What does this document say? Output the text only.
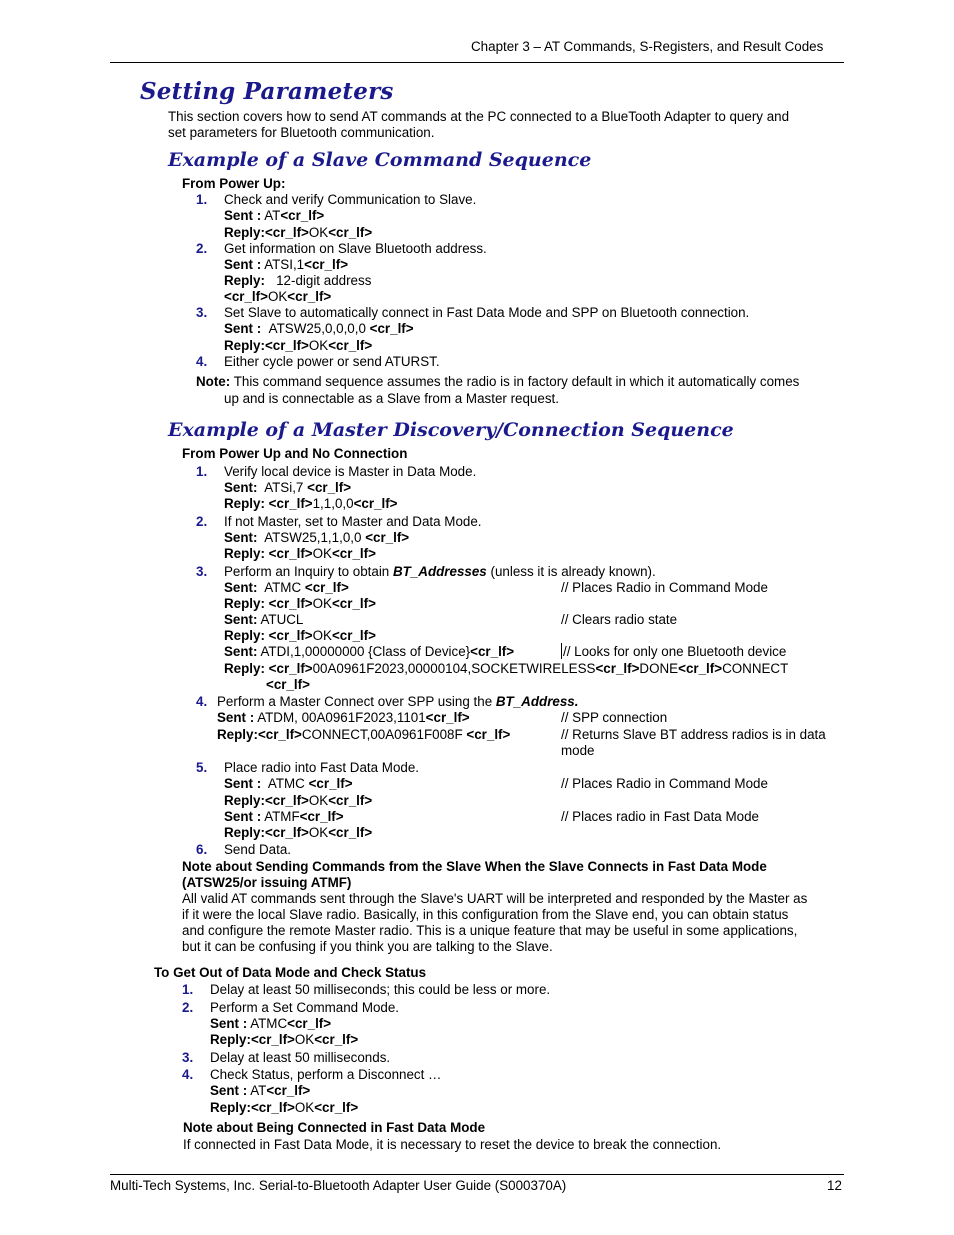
Chapter 3 – AT Commands, S-Registers, and Result Codes
Setting Parameters
This section covers how to send AT commands at the PC connected to a BlueTooth Adapter to query and
set parameters for Bluetooth communication.
Example of a Slave Command Sequence
From Power Up:
1. Check and verify Communication to Slave.
Sent : AT<cr_lf>
Reply:<cr_lf>OK<cr_lf>
2. Get information on Slave Bluetooth address.
Sent : ATSI,1<cr_lf>
Reply: 12-digit address
<cr_lf>OK<cr_lf>
3. Set Slave to automatically connect in Fast Data Mode and SPP on Bluetooth connection.
Sent : ATSW25,0,0,0,0 <cr_lf>
Reply:<cr_lf>OK<cr_lf>
4. Either cycle power or send ATURST.
Note: This command sequence assumes the radio is in factory default in which it automatically comes
up and is connectable as a Slave from a Master request.
Example of a Master Discovery/Connection Sequence
From Power Up and No Connection
1. Verify local device is Master in Data Mode.
Sent: ATSi,7 <cr_lf>
Reply: <cr_lf>1,1,0,0<cr_lf>
2. If not Master, set to Master and Data Mode.
Sent: ATSW25,1,1,0,0 <cr_lf>
Reply: <cr_lf>OK<cr_lf>
3. Perform an Inquiry to obtain BT_Addresses (unless it is already known).
Sent: ATMC <cr_lf>	// Places Radio in Command Mode
Reply: <cr_lf>OK<cr_lf>
Sent: ATUCL	// Clears radio state
Reply: <cr_lf>OK<cr_lf>
Sent: ATDI,1,00000000 {Class of Device}<cr_lf>	// Looks for only one Bluetooth device
Reply: <cr_lf>00A0961F2023,00000104,SOCKETWIRELESS<cr_lf>DONE<cr_lf>CONNECT
<cr_lf>
4. Perform a Master Connect over SPP using the BT_Address.
Sent : ATDM, 00A0961F2023,1101<cr_lf>	// SPP connection
Reply:<cr_lf>CONNECT,00A0961F008F <cr_lf>	// Returns Slave BT address radios is in data
mode
5. Place radio into Fast Data Mode.
Sent : ATMC <cr_lf>	// Places Radio in Command Mode
Reply:<cr_lf>OK<cr_lf>
Sent : ATMF<cr_lf>	// Places radio in Fast Data Mode
Reply:<cr_lf>OK<cr_lf>
6. Send Data.
Note about Sending Commands from the Slave When the Slave Connects in Fast Data Mode
(ATSW25/or issuing ATMF)
All valid AT commands sent through the Slave's UART will be interpreted and responded by the Master as
if it were the local Slave radio. Basically, in this configuration from the Slave end, you can obtain status
and configure the remote Master radio. This is a unique feature that may be useful in some applications,
but it can be confusing if you think you are talking to the Slave.
To Get Out of Data Mode and Check Status
1. Delay at least 50 milliseconds; this could be less or more.
2. Perform a Set Command Mode.
Sent : ATMC<cr_lf>
Reply:<cr_lf>OK<cr_lf>
3. Delay at least 50 milliseconds.
4. Check Status, perform a Disconnect …
Sent : AT<cr_lf>
Reply:<cr_lf>OK<cr_lf>
Note about Being Connected in Fast Data Mode
If connected in Fast Data Mode, it is necessary to reset the device to break the connection.
Multi-Tech Systems, Inc. Serial-to-Bluetooth Adapter User Guide (S000370A)	12
